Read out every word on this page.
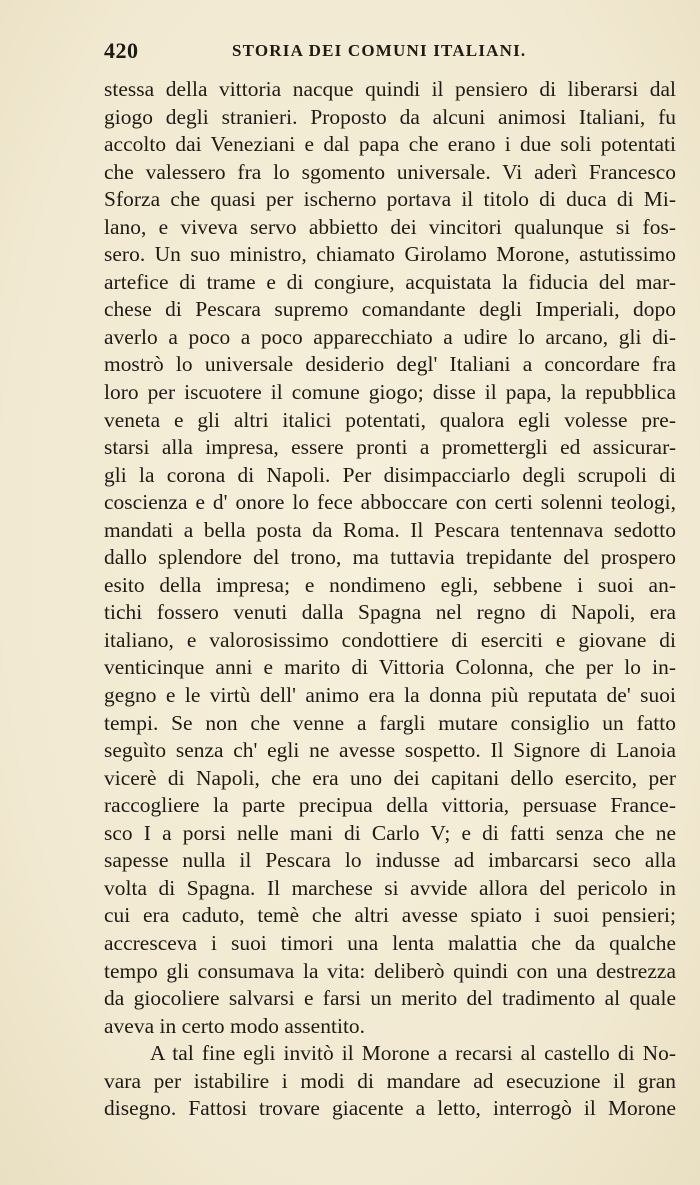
420	STORIA DEI COMUNI ITALIANI.
stessa della vittoria nacque quindi il pensiero di liberarsi dal
giogo degli stranieri. Proposto da alcuni animosi Italiani, fu
accolto dai Veneziani e dal papa che erano i due soli potentati
che valessero fra lo sgomento universale. Vi aderì Francesco
Sforza che quasi per ischerno portava il titolo di duca di Mi-
lano, e viveva servo abbietto dei vincitori qualunque si fos-
sero. Un suo ministro, chiamato Girolamo Morone, astutissimo
artefice di trame e di congiure, acquistata la fiducia del mar-
chese di Pescara supremo comandante degli Imperiali, dopo
averlo a poco a poco apparecchiato a udire lo arcano, gli di-
mostrò lo universale desiderio degl' Italiani a concordare fra
loro per iscuotere il comune giogo; disse il papa, la repubblica
veneta e gli altri italici potentati, qualora egli volesse pre-
starsi alla impresa, essere pronti a promettergli ed assicurar-
gli la corona di Napoli. Per disimpacciarlo degli scrupoli di
coscienza e d' onore lo fece abboccare con certi solenni teologi,
mandati a bella posta da Roma. Il Pescara tentennava sedotto
dallo splendore del trono, ma tuttavia trepidante del prospero
esito della impresa; e nondimeno egli, sebbene i suoi an-
tichi fossero venuti dalla Spagna nel regno di Napoli, era
italiano, e valorosissimo condottiere di eserciti e giovane di
venticinque anni e marito di Vittoria Colonna, che per lo in-
gegno e le virtù dell' animo era la donna più reputata de' suoi
tempi. Se non che venne a fargli mutare consiglio un fatto
seguìto senza ch' egli ne avesse sospetto. Il Signore di Lanoia
vicerè di Napoli, che era uno dei capitani dello esercito, per
raccogliere la parte precipua della vittoria, persuase France-
sco I a porsi nelle mani di Carlo V; e di fatti senza che ne
sapesse nulla il Pescara lo indusse ad imbarcarsi seco alla
volta di Spagna. Il marchese si avvide allora del pericolo in
cui era caduto, temè che altri avesse spiato i suoi pensieri;
accresceva i suoi timori una lenta malattia che da qualche
tempo gli consumava la vita: deliberò quindi con una destrezza
da giocoliere salvarsi e farsi un merito del tradimento al quale
aveva in certo modo assentito.
A tal fine egli invitò il Morone a recarsi al castello di No-
vara per istabilire i modi di mandare ad esecuzione il gran
disegno. Fattosi trovare giacente a letto, interrogò il Morone
